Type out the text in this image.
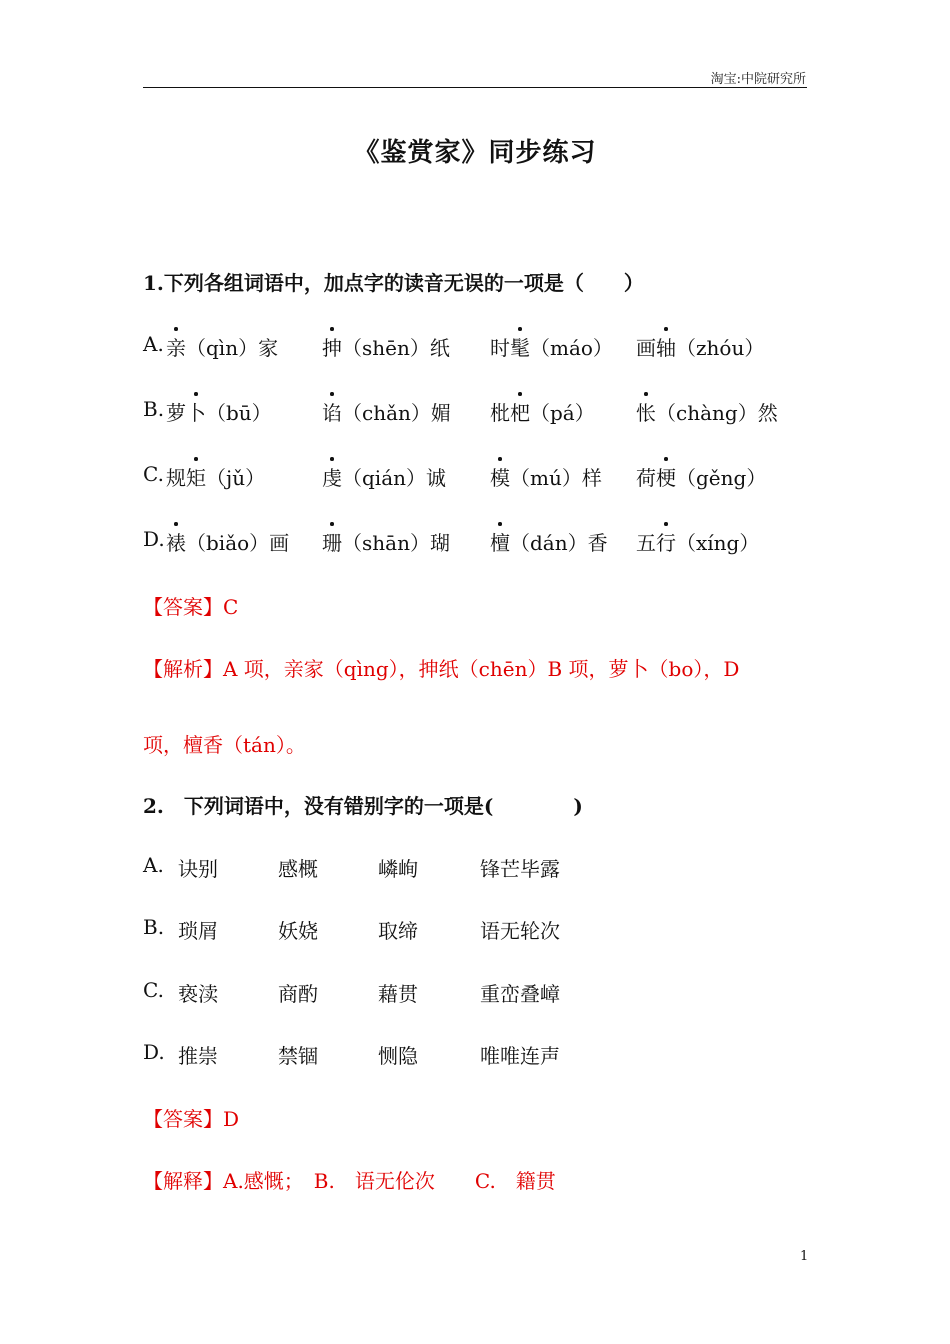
淘宝:中院研究所
《鉴赏家》同步练习
1.下列各组词语中，加点字的读音无误的一项是（　　）
A. 亲（qìn）家 抻（shēn）纸 时髦（máo） 画轴（zhóu）
B. 萝卜（bū）	谄（chǎn）媚 枇杷（pá） 怅（chàng）然
C. 规矩（jǔ）	虔（qián）诚 模（mú）样 荷梗（gěng）
D. 裱（biǎo）画 珊（shān）瑚 檀（dán）香 五行（xíng）
【答案】C
【解析】A 项，亲家（qìng），抻纸（chēn）B 项，萝卜（bo），D
项，檀香（tán）。
2.　下列词语中，没有错别字的一项是(　　　　)
A. 诀别	感概	嶙峋	锋芒毕露
B. 琐屑	妖娆	取缔	语无轮次
C. 亵渎	商酌	藉贯	重峦叠嶂
D. 推崇	禁锢	恻隐	唯唯连声
【答案】D
【解释】A.感慨；　B.　语无伦次　　C.　籍贯
1
